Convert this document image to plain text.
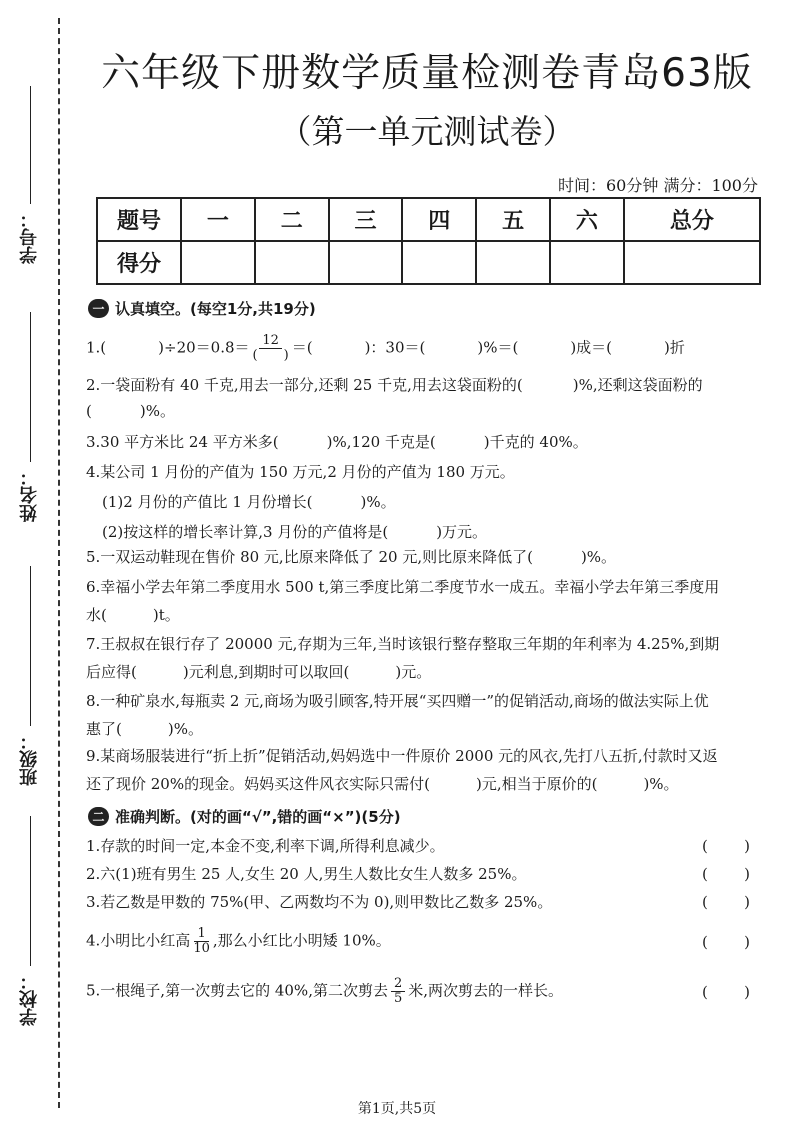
学号：
姓名：
班级：
学校：
六年级下册数学质量检测卷青岛63版
（第一单元测试卷）
时间：60分钟 满分：100分
题号	一	二	三	四	五	六	总分
得分							
一 认真填空。(每空1分,共19分)
1.(	)$\div 20=0.8= \frac{12}{( )}$ ＝(	)：30＝(	)%＝(	)成＝(	)折
2.一袋面粉有 40 千克,用去一部分,还剩 25 千克,用去这袋面粉的(	)%,还剩这袋面粉的
(	)%。
3.30 平方米比 24 平方米多(	)%,120 千克是(	)千克的 40%。
4.某公司 1 月份的产值为 150 万元,2 月份的产值为 180 万元。
(1)2 月份的产值比 1 月份增长(	)%。
(2)按这样的增长率计算,3 月份的产值将是(	)万元。
5.一双运动鞋现在售价 80 元,比原来降低了 20 元,则比原来降低了(	)%。
6.幸福小学去年第二季度用水 500 t,第三季度比第二季度节水一成五。幸福小学去年第三季度用
水(	)t。
7.王叔叔在银行存了 20000 元,存期为三年,当时该银行整存整取三年期的年利率为 4.25%,到期
后应得(	)元利息,到期时可以取回(	)元。
8.一种矿泉水,每瓶卖 2 元,商场为吸引顾客,特开展“买四赠一”的促销活动,商场的做法实际上优
惠了(	)%。
9.某商场服装进行“折上折”促销活动,妈妈选中一件原价 2000 元的风衣,先打八五折,付款时又返
还了现价 20%的现金。妈妈买这件风衣实际只需付(	)元,相当于原价的(	)%。
二 准确判断。(对的画“√”,错的画“×”)(5分)
1.存款的时间一定,本金不变,利率下调,所得利息减少。	( )
2.六(1)班有男生 25 人,女生 20 人,男生人数比女生人数多 25%。	( )
3.若乙数是甲数的 75%(甲、乙两数均不为 0),则甲数比乙数多 25%。	( )
4.小明比小红高 $\frac{1}{10}$ ,那么小红比小明矮 10%。	( )
5.一根绳子,第一次剪去它的 40%,第二次剪去 $\frac{2}{5}$ 米,两次剪去的一样长。	( )
第1页,共5页
